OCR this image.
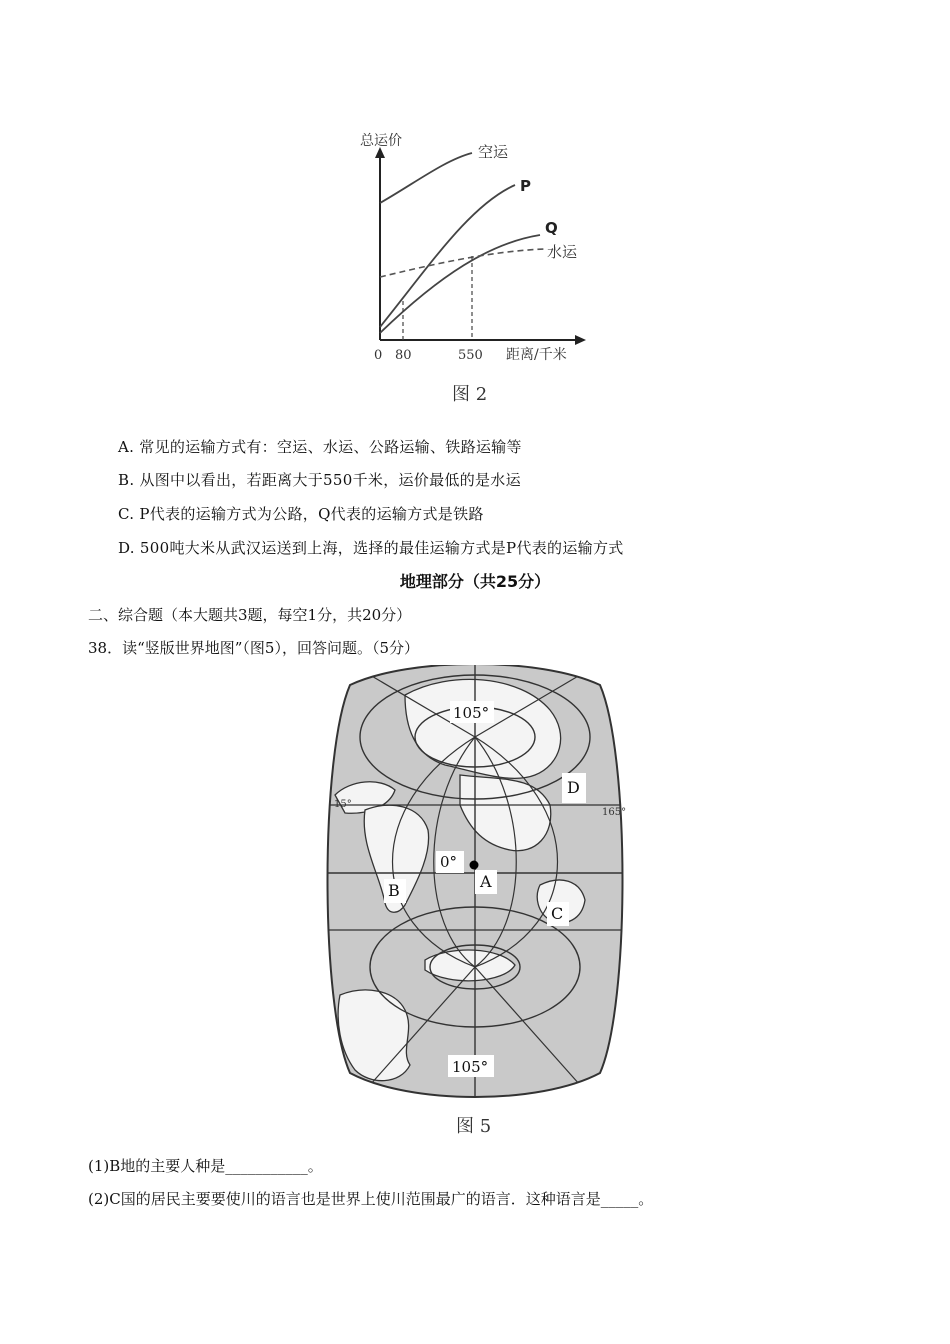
总运价
空运
P
Q
水运
0 80	550 距离/千米
图 2
A. 常见的运输方式有：空运、水运、公路运输、铁路运输等
B. 从图中以看出，若距离大于550千米，运价最低的是水运
C. P代表的运输方式为公路，Q代表的运输方式是铁路
D. 500吨大米从武汉运送到上海，选择的最佳运输方式是P代表的运输方式
地理部分（共25分）
二、综合题（本大题共3题，每空1分，共20分）
38．读“竖版世界地图”（图5），回答问题。（5分）
105°
105°
15°
165°
0°
A
B
C
D
图 5
(1)B地的主要人种是___________。
(2)C国的居民主要要使川的语言也是世界上使川范围最广的语言．这种语言是_____。
